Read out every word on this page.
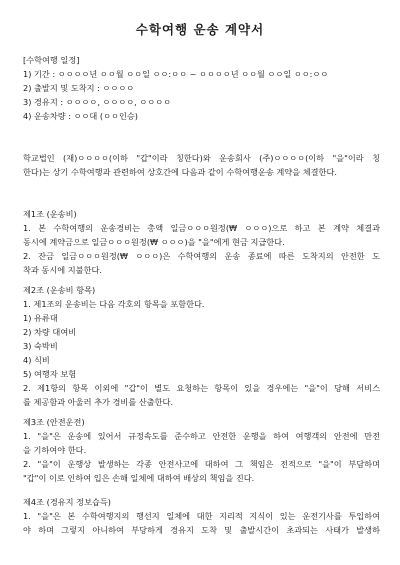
수학여행 운송 계약서
[수학여행 일정]
1) 기간 : ㅇㅇㅇㅇ년 ㅇㅇ월 ㅇㅇ일 ㅇㅇ:ㅇㅇ ~ ㅇㅇㅇㅇ년 ㅇㅇ월 ㅇㅇ일 ㅇㅇ:ㅇㅇ
2) 출발지 및 도착지 : ㅇㅇㅇㅇ
3) 경유지 : ㅇㅇㅇㅇ, ㅇㅇㅇㅇ, ㅇㅇㅇㅇ
4) 운송차량 : ㅇㅇ대 (ㅇㅇ인승)
학교법인 (재)ㅇㅇㅇㅇ(이하 "갑"이라 칭한다)와 운송회사 (주)ㅇㅇㅇㅇ(이하 "을"이라 칭
한다)는 상기 수학여행과 관련하여 상호간에 다음과 같이 수학여행운송 계약을 체결한다.
제1조 (운송비)
1. 본 수학여행의 운송경비는 총액 일금ㅇㅇㅇ원정(₩ ㅇㅇㅇ)으로 하고 본 계약 체결과
동시에 계약금으로 일금ㅇㅇㅇ원정(₩ ㅇㅇㅇ)을 "을"에게 현금 지급한다.
2. 잔금 일금ㅇㅇㅇ원정(₩ ㅇㅇㅇ)은 수학여행의 운송 종료에 따른 도착지의 안전한 도
착과 동시에 지불한다.
제2조 (운송비 항목)
1. 제1조의 운송비는 다음 각호의 항목을 포함한다.
1) 유류대
2) 차량 대여비
3) 숙박비
4) 식비
5) 여행자 보험
2. 제1항의 항목 이외에 "갑"이 별도 요청하는 항목이 있을 경우에는 "을"이 당해 서비스
를 제공함과 아울러 추가 경비를 산출한다.
제3조 (안전운전)
1. "을"은 운송에 있어서 규정속도를 준수하고 안전한 운행을 하여 여행객의 안전에 만전
을 기하여야 한다.
2. "을"이 운행상 발생하는 각종 안전사고에 대하여 그 책임은 전적으로 "을"이 부담하며
"갑"이 이로 인하여 입은 손해 일체에 대하여 배상의 책임을 진다.
제4조 (경유지 정보습득)
1. "을"은 본 수학여행지의 행선지 일체에 대한 지리적 지식이 있는 운전기사를 투입하여
야 하며 그렇지 아니하여 부당하게 경유지 도착 및 출발시간이 초과되는 사태가 발생하
